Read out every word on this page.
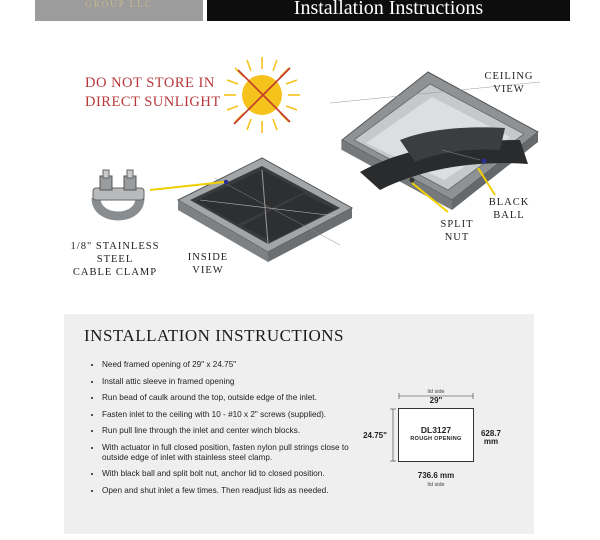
GROUP LLC	Installation Instructions
DO NOT STORE IN
DIRECT SUNLIGHT
CEILING
VIEW
BLACK
BALL
SPLIT
NUT
1/8" STAINLESS
STEEL
CABLE CLAMP
INSIDE
VIEW
INSTALLATION INSTRUCTIONS
• Need framed opening of 29" x 24.75"
• Install attic sleeve in framed opening
• Run bead of caulk around the top, outside edge of the inlet.
• Fasten inlet to the ceiling with 10 - #10 x 2" screws (supplied).
• Run pull line through the inlet and center winch blocks.
• With actuator in full closed position, fasten nylon pull strings close to outside edge of inlet with stainless steel clamp.
• With black ball and split bolt nut, anchor lid to closed position.
• Open and shut inlet a few times. Then readjust lids as needed.
lid side
29"
DL3127
ROUGH OPENING
24.75"	628.7
mm
736.6 mm
lid side
